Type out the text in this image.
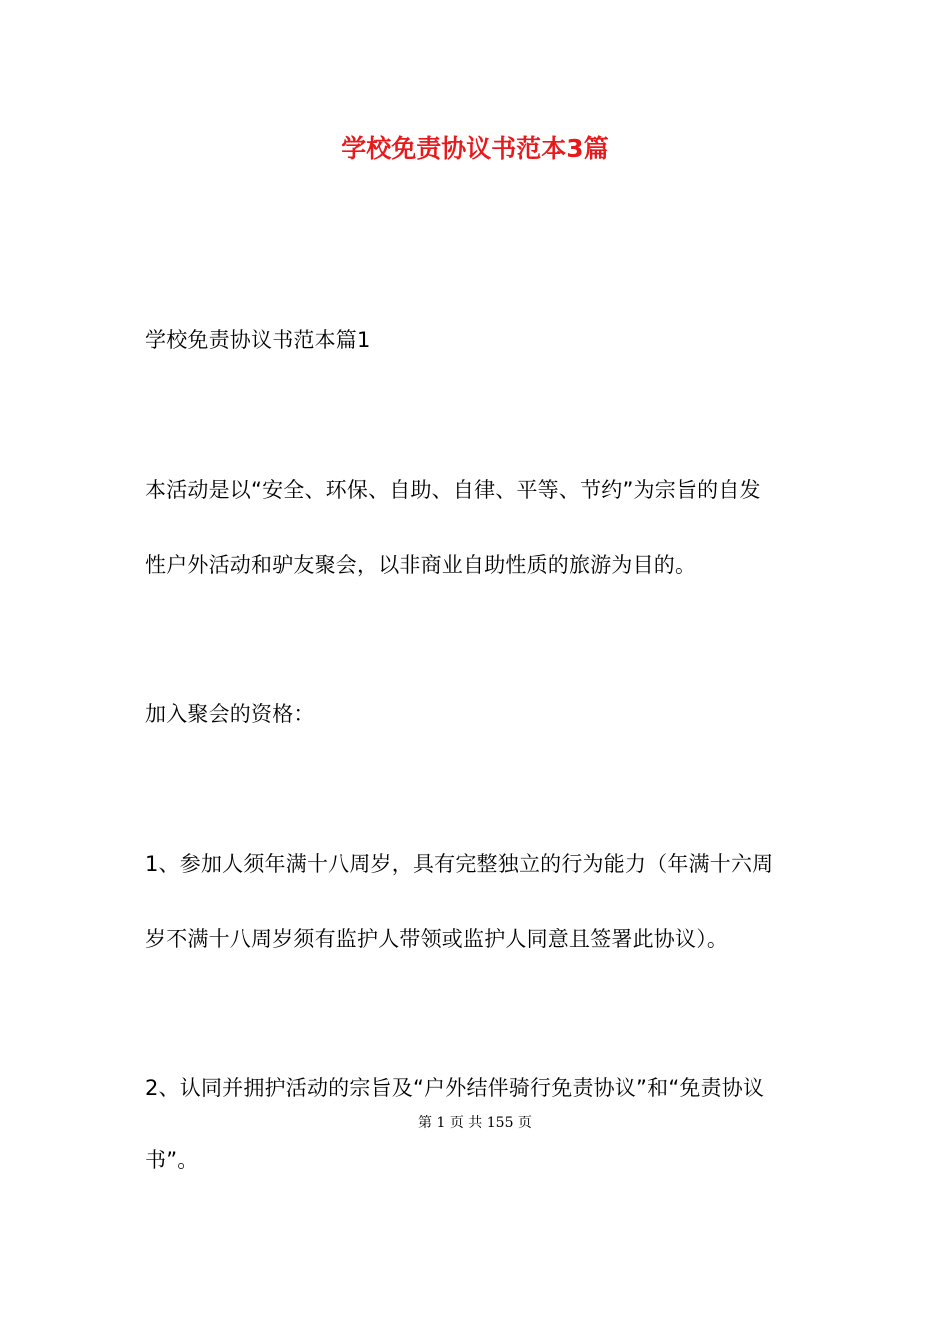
学校免责协议书范本3篇
学校免责协议书范本篇1
本活动是以“安全、环保、自助、自律、平等、节约”为宗旨的自发
性户外活动和驴友聚会，以非商业自助性质的旅游为目的。
加入聚会的资格：
1、参加人须年满十八周岁，具有完整独立的行为能力（年满十六周
岁不满十八周岁须有监护人带领或监护人同意且签署此协议）。
2、认同并拥护活动的宗旨及“户外结伴骑行免责协议”和“免责协议
第 1 页 共 155 页
书”。
